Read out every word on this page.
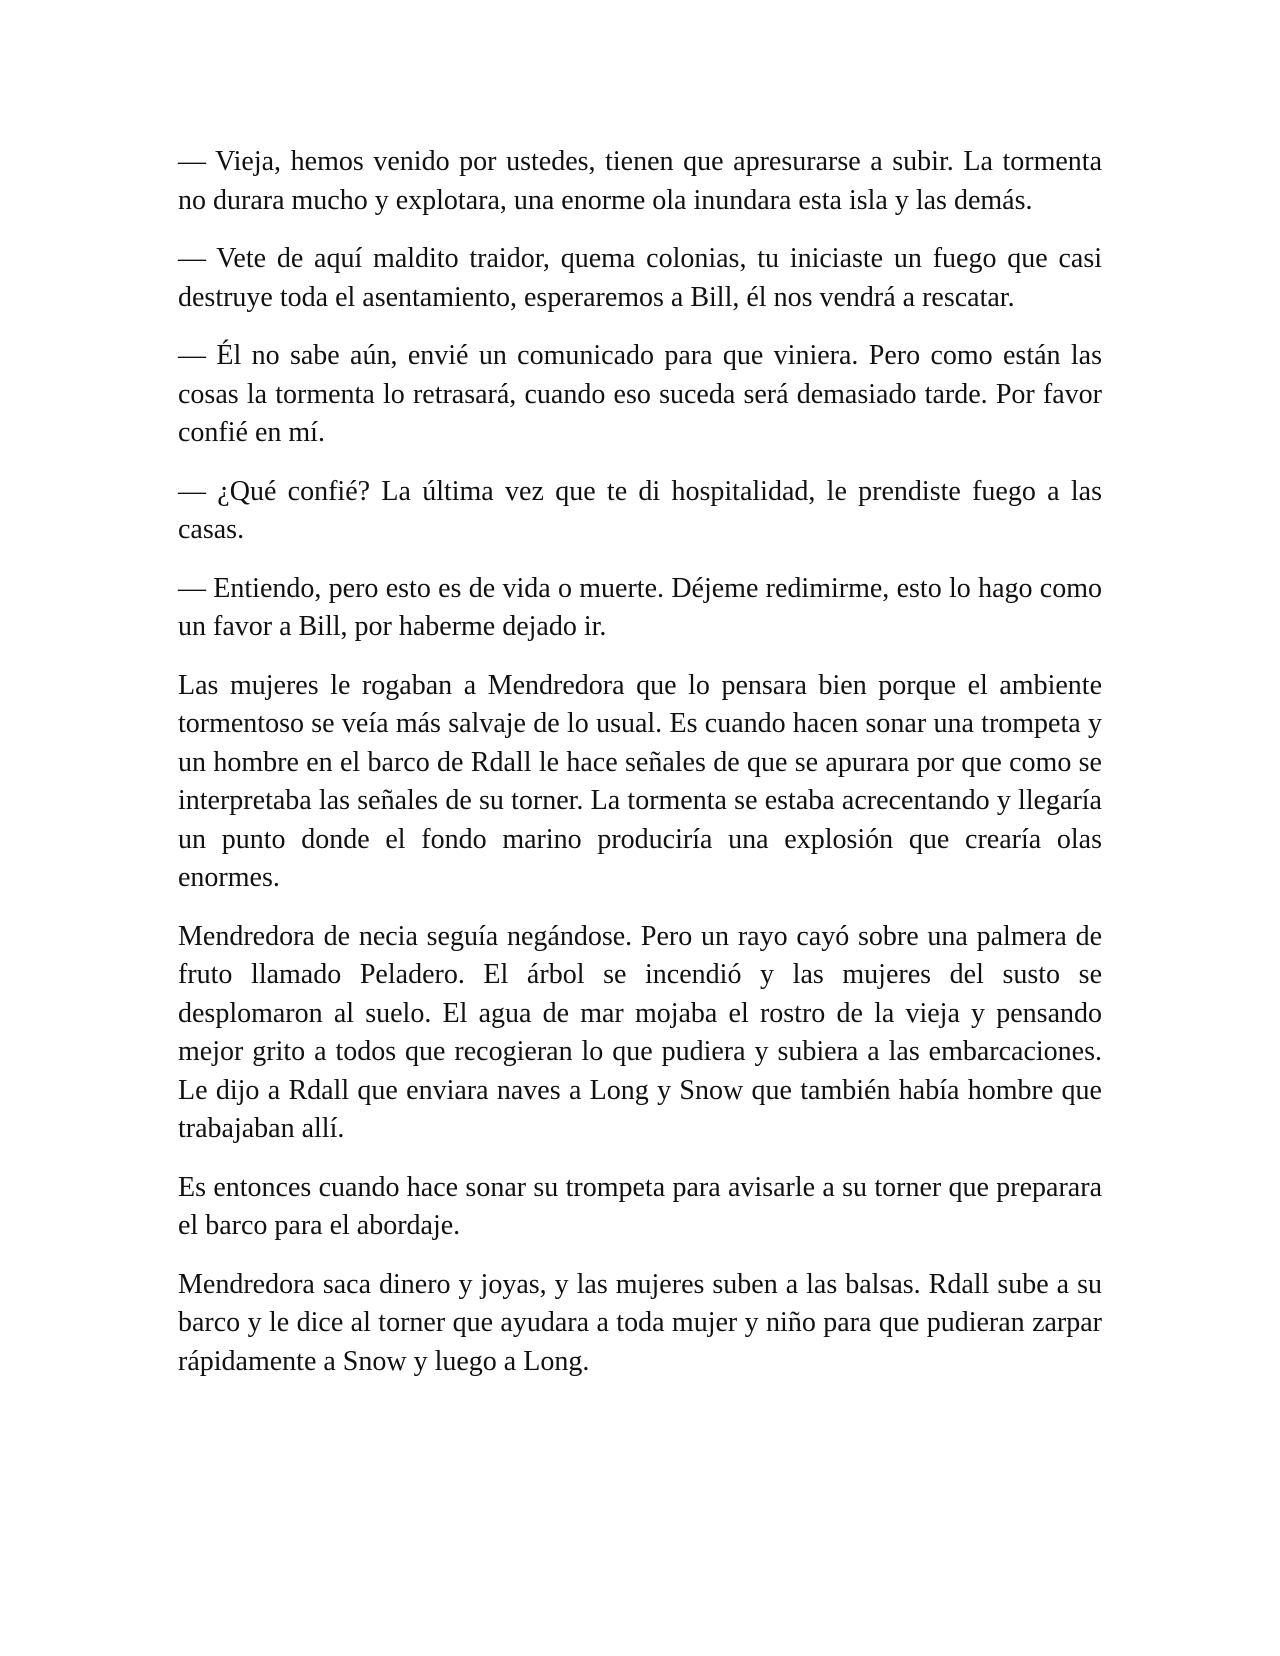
— Vieja, hemos venido por ustedes, tienen que apresurarse a subir. La tormenta no durara mucho y explotara, una enorme ola inundara esta isla y las demás.

— Vete de aquí maldito traidor, quema colonias, tu iniciaste un fuego que casi destruye toda el asentamiento, esperaremos a Bill, él nos vendrá a rescatar.

— Él no sabe aún, envié un comunicado para que viniera. Pero como están las cosas la tormenta lo retrasará, cuando eso suceda será demasiado tarde. Por favor confié en mí.

— ¿Qué confié? La última vez que te di hospitalidad, le prendiste fuego a las casas.

— Entiendo, pero esto es de vida o muerte. Déjeme redimirme, esto lo hago como un favor a Bill, por haberme dejado ir.

Las mujeres le rogaban a Mendredora que lo pensara bien porque el ambiente tormentoso se veía más salvaje de lo usual. Es cuando hacen sonar una trompeta y un hombre en el barco de Rdall le hace señales de que se apurara por que como se interpretaba las señales de su torner. La tormenta se estaba acrecentando y llegaría un punto donde el fondo marino produciría una explosión que crearía olas enormes.

Mendredora de necia seguía negándose. Pero un rayo cayó sobre una palmera de fruto llamado Peladero. El árbol se incendió y las mujeres del susto se desplomaron al suelo. El agua de mar mojaba el rostro de la vieja y pensando mejor grito a todos que recogieran lo que pudiera y subiera a las embarcaciones. Le dijo a Rdall que enviara naves a Long y Snow que también había hombre que trabajaban allí.

Es entonces cuando hace sonar su trompeta para avisarle a su torner que preparara el barco para el abordaje.

Mendredora saca dinero y joyas, y las mujeres suben a las balsas. Rdall sube a su barco y le dice al torner que ayudara a toda mujer y niño para que pudieran zarpar rápidamente a Snow y luego a Long.
